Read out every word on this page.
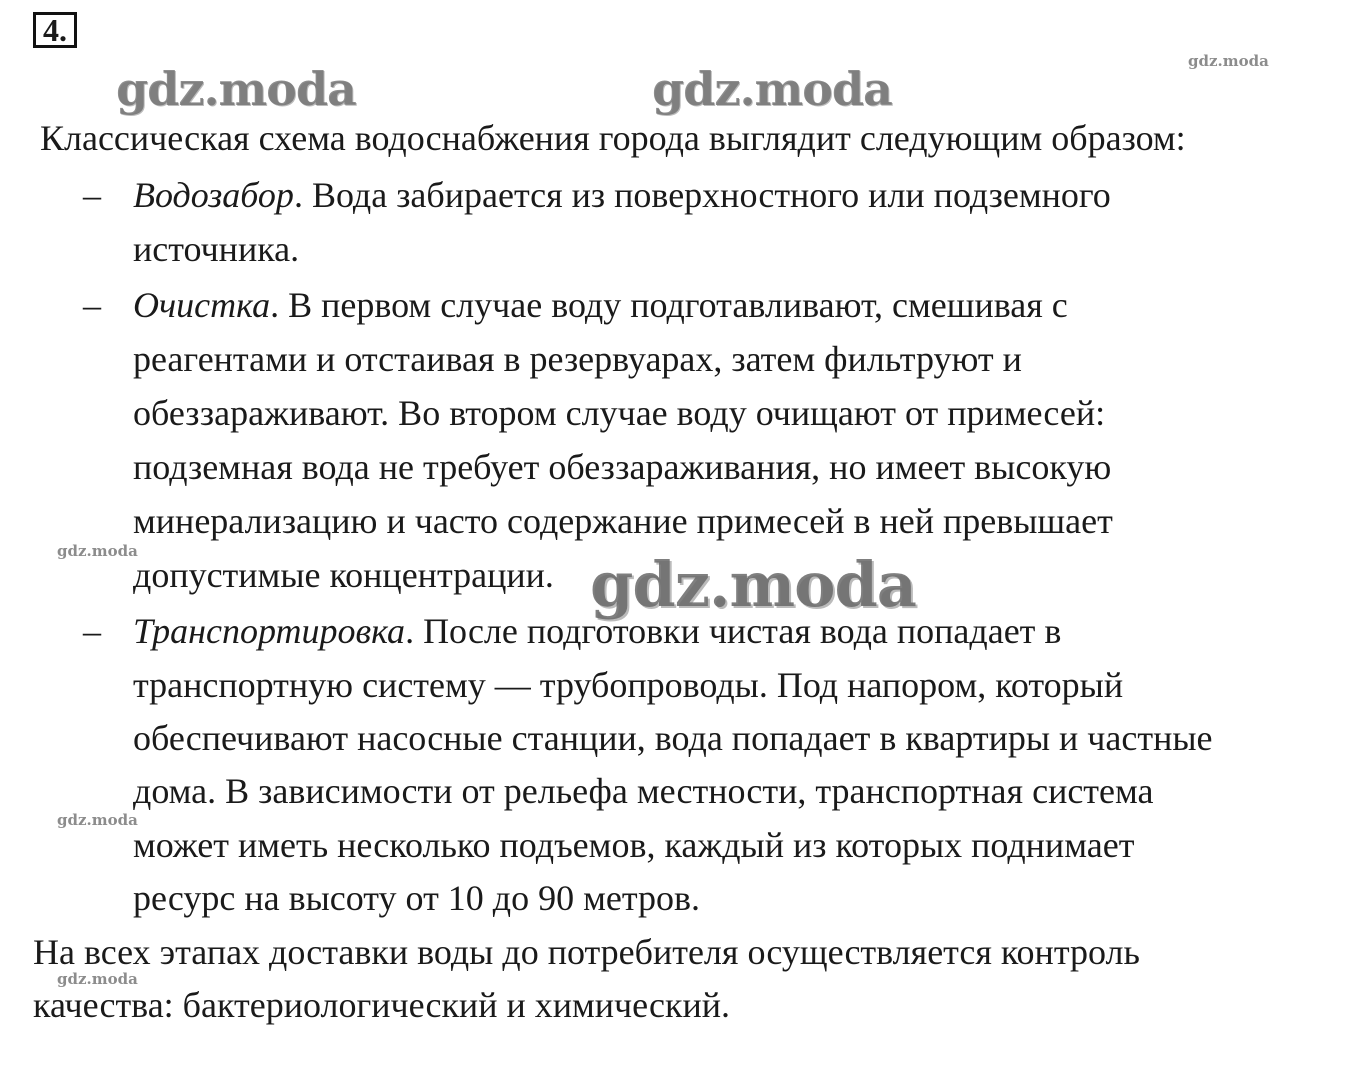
4.
gdz.moda	gdz.moda
gdz.moda
Классическая схема водоснабжения города выглядит следующим образом:
– Водозабор. Вода забирается из поверхностного или подземного
источника.
– Очистка. В первом случае воду подготавливают, смешивая с
реагентами и отстаивая в резервуарах, затем фильтруют и
обеззараживают. Во втором случае воду очищают от примесей:
подземная вода не требует обеззараживания, но имеет высокую
минерализацию и часто содержание примесей в ней превышает
допустимые концентрации.
– Транспортировка. После подготовки чистая вода попадает в
транспортную систему — трубопроводы. Под напором, который
обеспечивают насосные станции, вода попадает в квартиры и частные
дома. В зависимости от рельефа местности, транспортная система
может иметь несколько подъемов, каждый из которых поднимает
ресурс на высоту от 10 до 90 метров.
На всех этапах доставки воды до потребителя осуществляется контроль
качества: бактериологический и химический.
gdz.moda	gdz.moda
gdz.moda
gdz.moda
